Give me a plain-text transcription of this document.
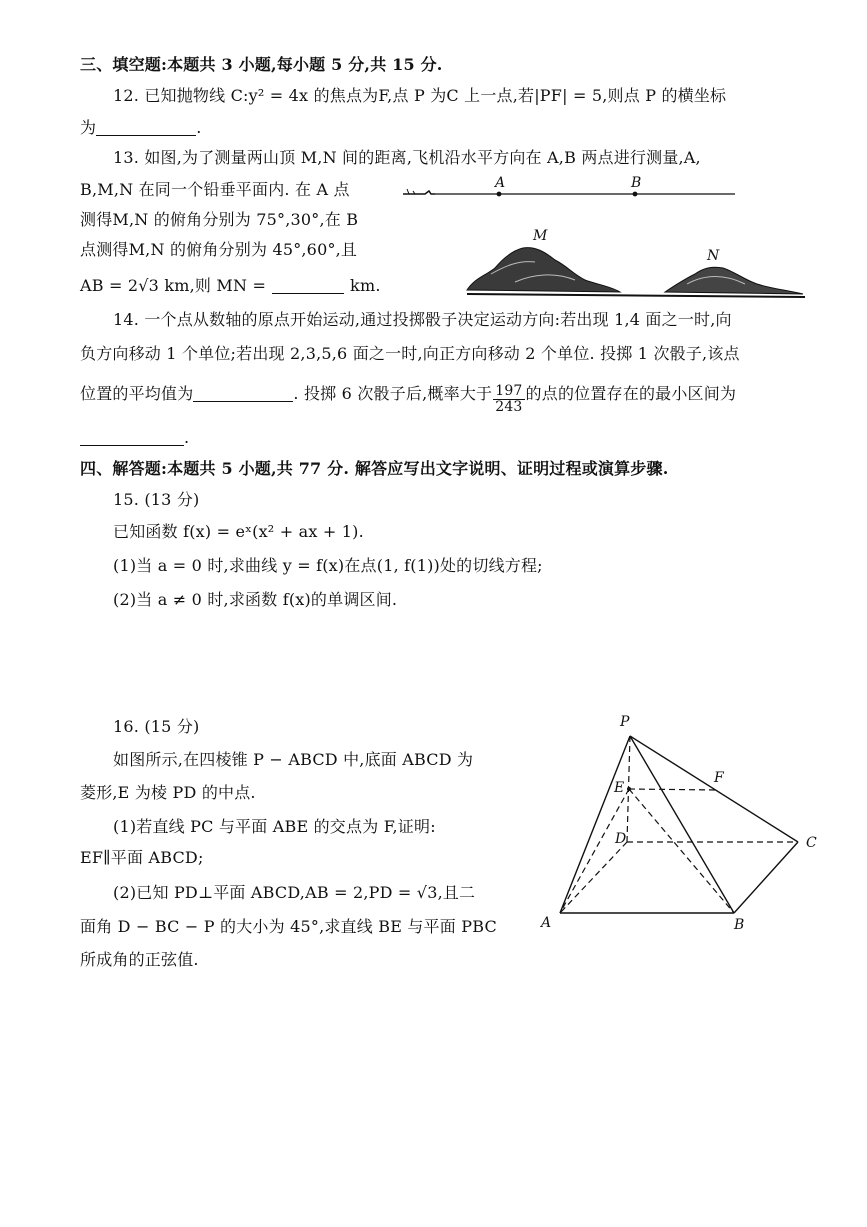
三、填空题:本题共 3 小题,每小题 5 分,共 15 分.
12. 已知抛物线 C:y² = 4x 的焦点为F,点 P 为C 上一点,若|PF| = 5,则点 P 的横坐标
为	.
13. 如图,为了测量两山顶 M,N 间的距离,飞机沿水平方向在 A,B 两点进行测量,A,
B,M,N 在同一个铅垂平面内. 在 A 点
测得M,N 的俯角分别为 75°,30°,在 B
点测得M,N 的俯角分别为 45°,60°,且
AB = 2√3 km,则 MN =	km.
A	B
M
N
14. 一个点从数轴的原点开始运动,通过投掷骰子决定运动方向:若出现 1,4 面之一时,向
负方向移动 1 个单位;若出现 2,3,5,6 面之一时,向正方向移动 2 个单位. 投掷 1 次骰子,该点
位置的平均值为	. 投掷 6 次骰子后,概率大于 $\frac{197}{243}$ 的点的位置存在的最小区间为
.
四、解答题:本题共 5 小题,共 77 分. 解答应写出文字说明、证明过程或演算步骤.
15. (13 分)
已知函数 f(x) = eˣ(x² + ax + 1).
(1)当 a = 0 时,求曲线 y = f(x)在点(1, f(1))处的切线方程;
(2)当 a ≠ 0 时,求函数 f(x)的单调区间.
16. (15 分)
如图所示,在四棱锥 P − ABCD 中,底面 ABCD 为
菱形,E 为棱 PD 的中点.
(1)若直线 PC 与平面 ABE 的交点为 F,证明:
EF∥平面 ABCD;
(2)已知 PD⊥平面 ABCD,AB = 2,PD = √3,且二
面角 D − BC − P 的大小为 45°,求直线 BE 与平面 PBC
所成角的正弦值.
P
E
F
D	C
A	B
